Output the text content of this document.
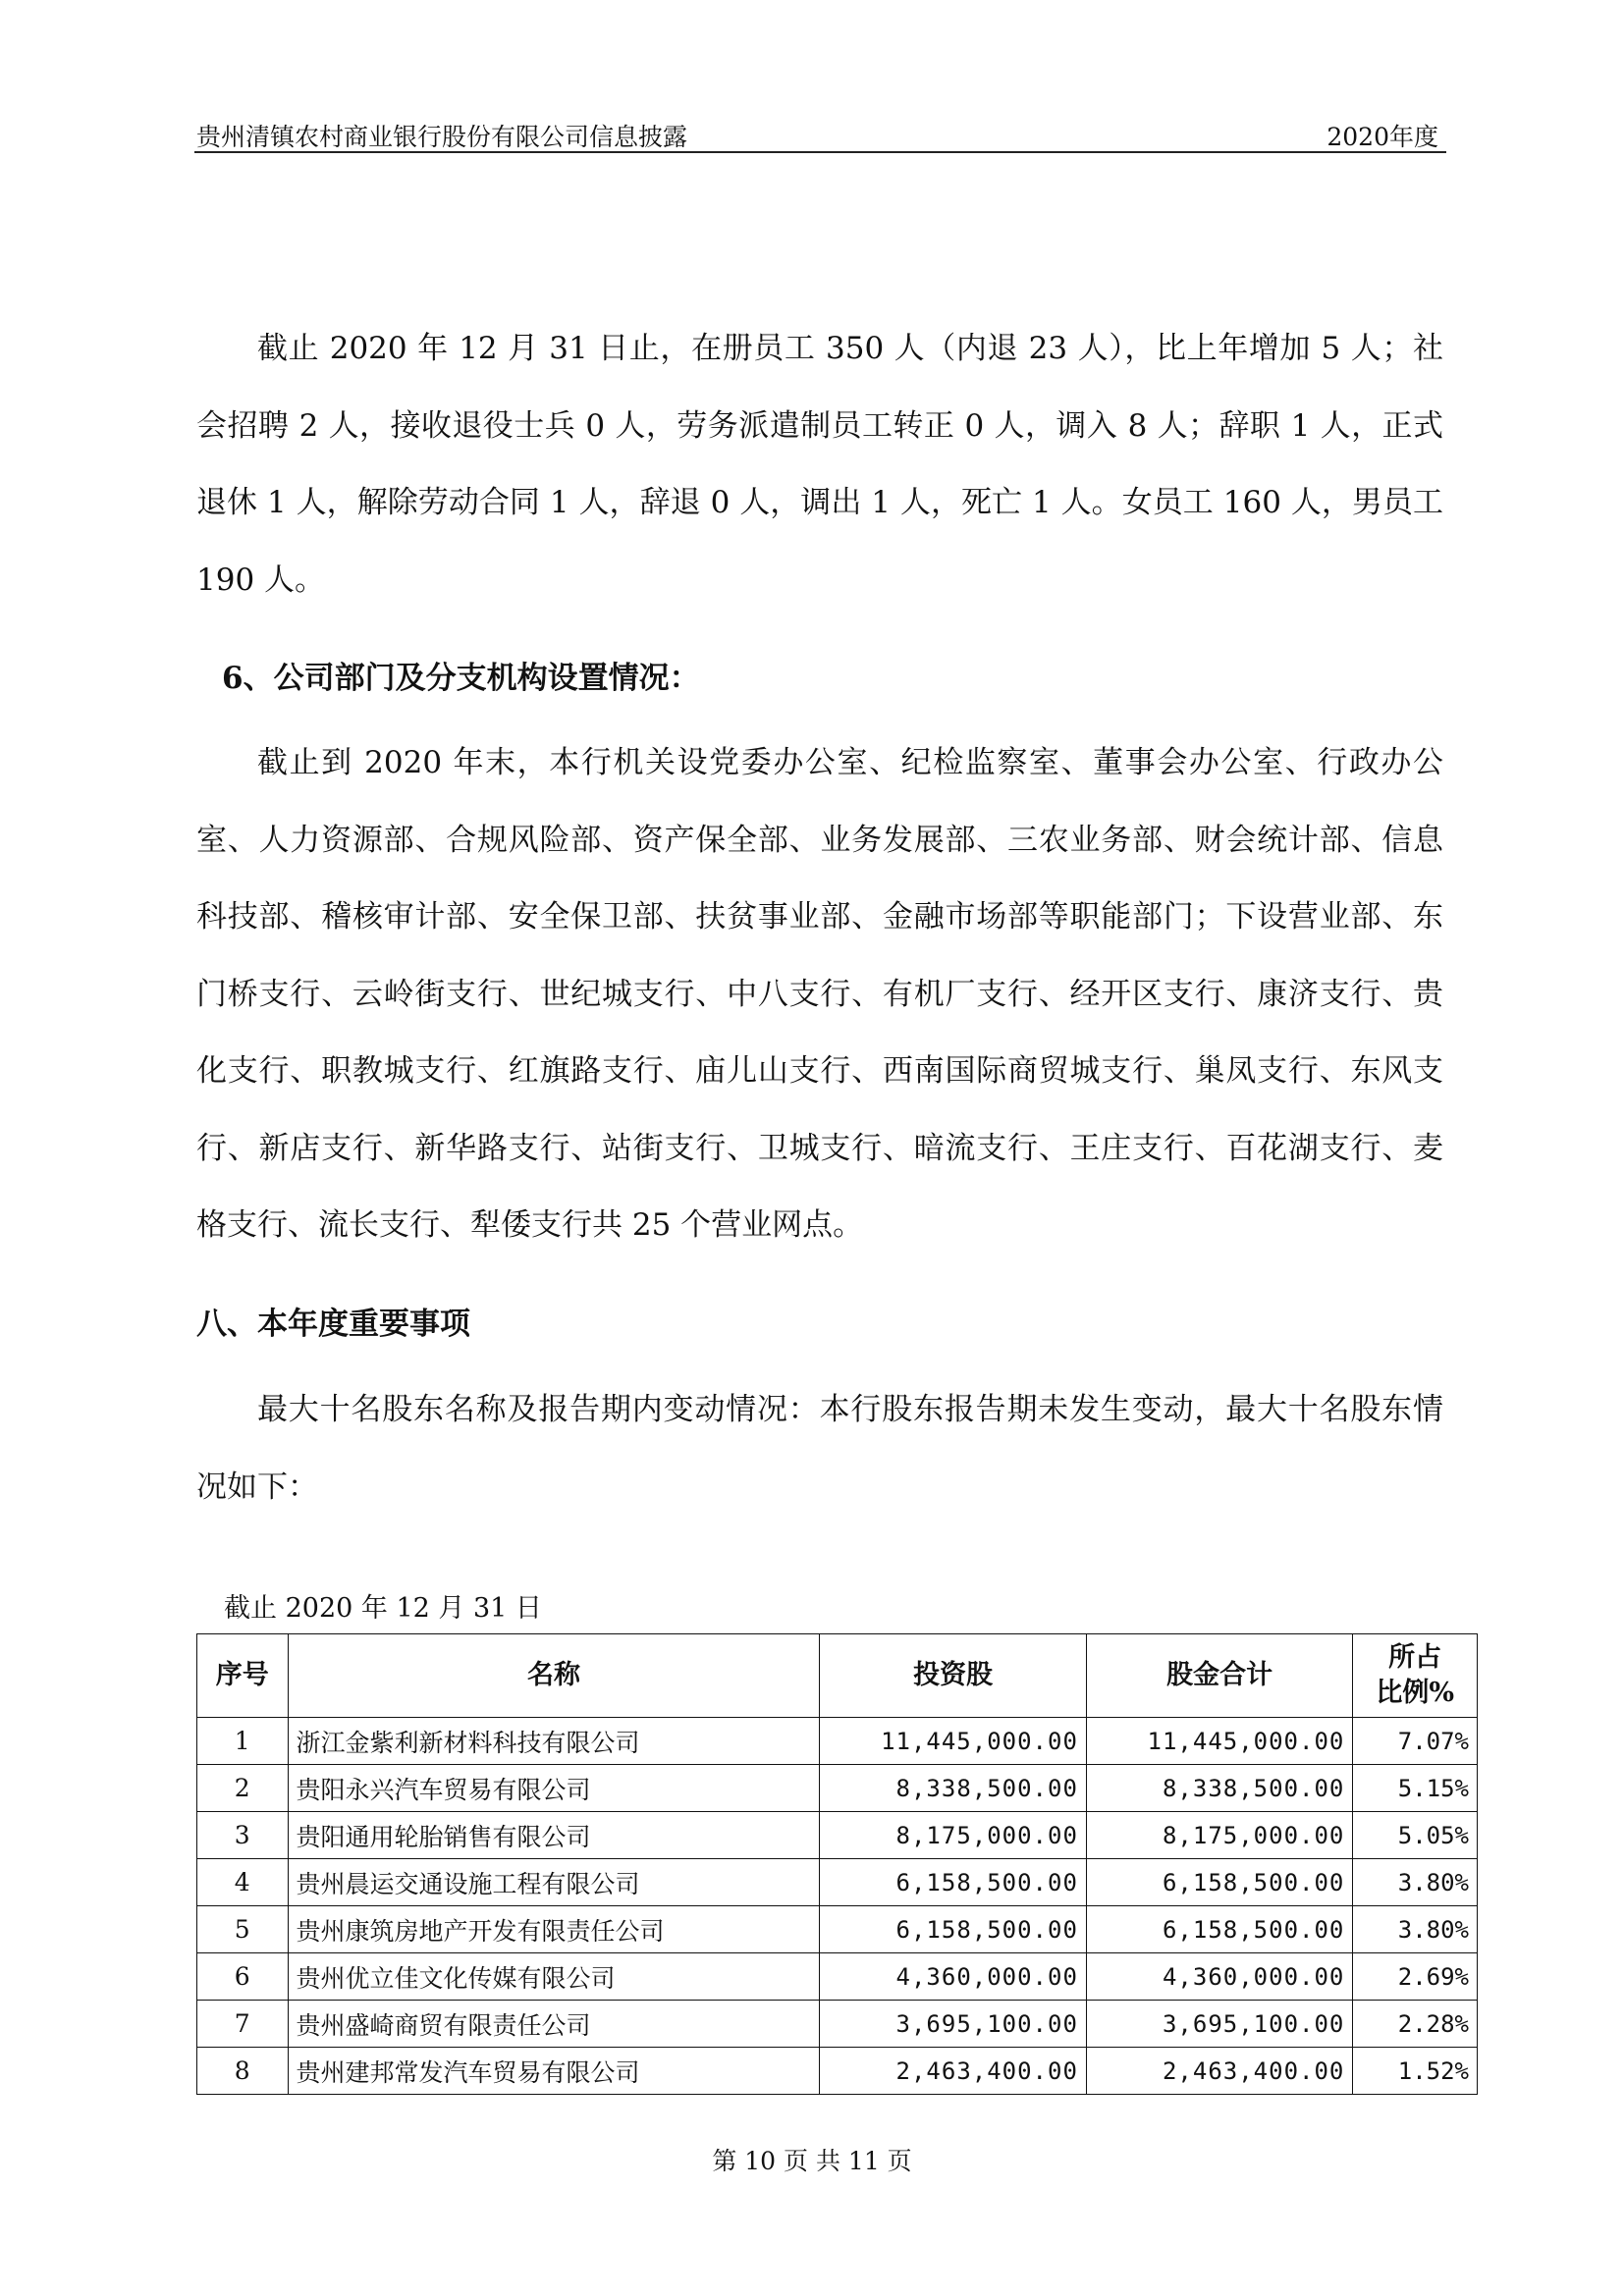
贵州清镇农村商业银行股份有限公司信息披露	2020年度

截止 2020 年 12 月 31 日止，在册员工 350 人（内退 23 人），比上年增加 5 人；社会招聘 2 人，接收退役士兵 0 人，劳务派遣制员工转正 0 人，调入 8 人；辞职 1 人，正式退休 1 人，解除劳动合同 1 人，辞退 0 人，调出 1 人，死亡 1 人。女员工 160 人，男员工 190 人。

6、公司部门及分支机构设置情况：

截止到 2020 年末，本行机关设党委办公室、纪检监察室、董事会办公室、行政办公室、人力资源部、合规风险部、资产保全部、业务发展部、三农业务部、财会统计部、信息科技部、稽核审计部、安全保卫部、扶贫事业部、金融市场部等职能部门；下设营业部、东门桥支行、云岭街支行、世纪城支行、中八支行、有机厂支行、经开区支行、康济支行、贵化支行、职教城支行、红旗路支行、庙儿山支行、西南国际商贸城支行、巢凤支行、东风支行、新店支行、新华路支行、站街支行、卫城支行、暗流支行、王庄支行、百花湖支行、麦格支行、流长支行、犁倭支行共 25 个营业网点。

八、本年度重要事项

最大十名股东名称及报告期内变动情况：本行股东报告期未发生变动，最大十名股东情况如下：

截止 2020 年 12 月 31 日
序号	名称	投资股	股金合计	所占
比例%
1	浙江金紫利新材料科技有限公司	11,445,000.00	11,445,000.00	7.07%
2	贵阳永兴汽车贸易有限公司	8,338,500.00	8,338,500.00	5.15%
3	贵阳通用轮胎销售有限公司	8,175,000.00	8,175,000.00	5.05%
4	贵州晨运交通设施工程有限公司	6,158,500.00	6,158,500.00	3.80%
5	贵州康筑房地产开发有限责任公司	6,158,500.00	6,158,500.00	3.80%
6	贵州优立佳文化传媒有限公司	4,360,000.00	4,360,000.00	2.69%
7	贵州盛崎商贸有限责任公司	3,695,100.00	3,695,100.00	2.28%
8	贵州建邦常发汽车贸易有限公司	2,463,400.00	2,463,400.00	1.52%
第 10 页 共 11 页
